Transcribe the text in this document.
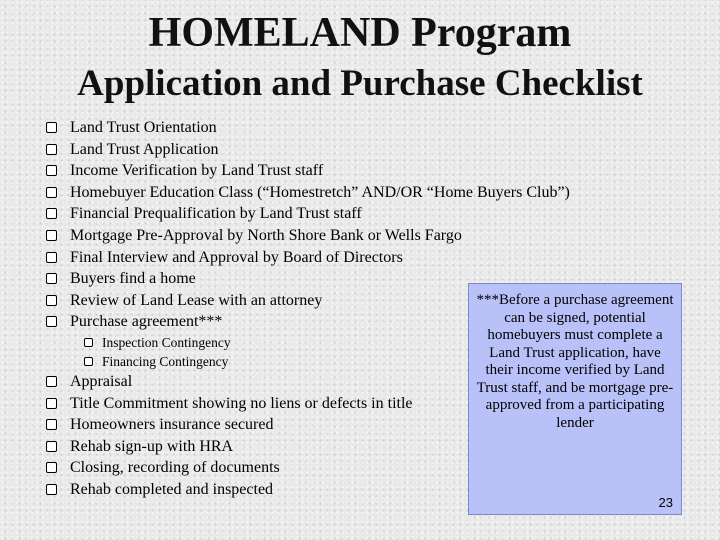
HOMELAND Program
Application and Purchase Checklist
Land Trust Orientation
Land Trust Application
Income Verification by Land Trust staff
Homebuyer Education Class (“Homestretch” AND/OR “Home Buyers Club”)
Financial Prequalification by Land Trust staff
Mortgage Pre-Approval by North Shore Bank or Wells Fargo
Final Interview and Approval by Board of Directors
Buyers find a home
Review of Land Lease with an attorney
Purchase agreement***
Inspection Contingency
Financing Contingency
Appraisal
Title Commitment showing no liens or defects in title
Homeowners insurance secured
Rehab sign-up with HRA
Closing, recording of documents
Rehab completed and inspected

***Before a purchase agreement can be signed, potential homebuyers must complete a Land Trust application, have their income verified by Land Trust staff, and be mortgage pre-approved from a participating lender

23
